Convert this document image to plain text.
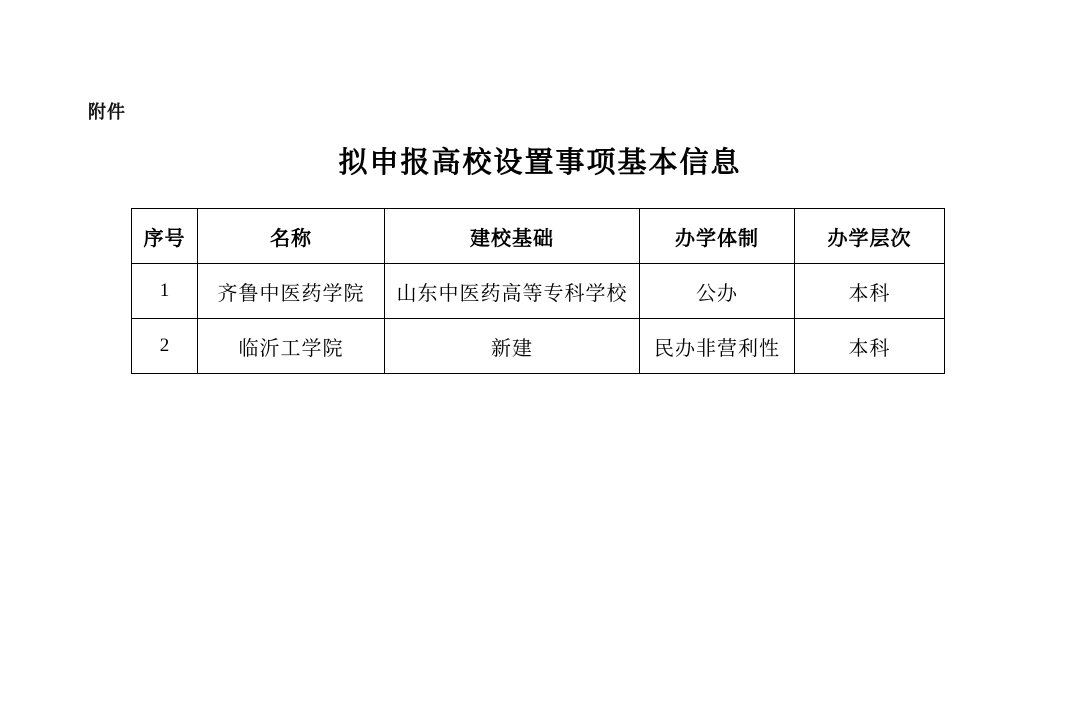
附件
拟申报高校设置事项基本信息
序号	名称	建校基础	办学体制	办学层次
1	齐鲁中医药学院	山东中医药高等专科学校	公办	本科
2	临沂工学院	新建	民办非营利性	本科
